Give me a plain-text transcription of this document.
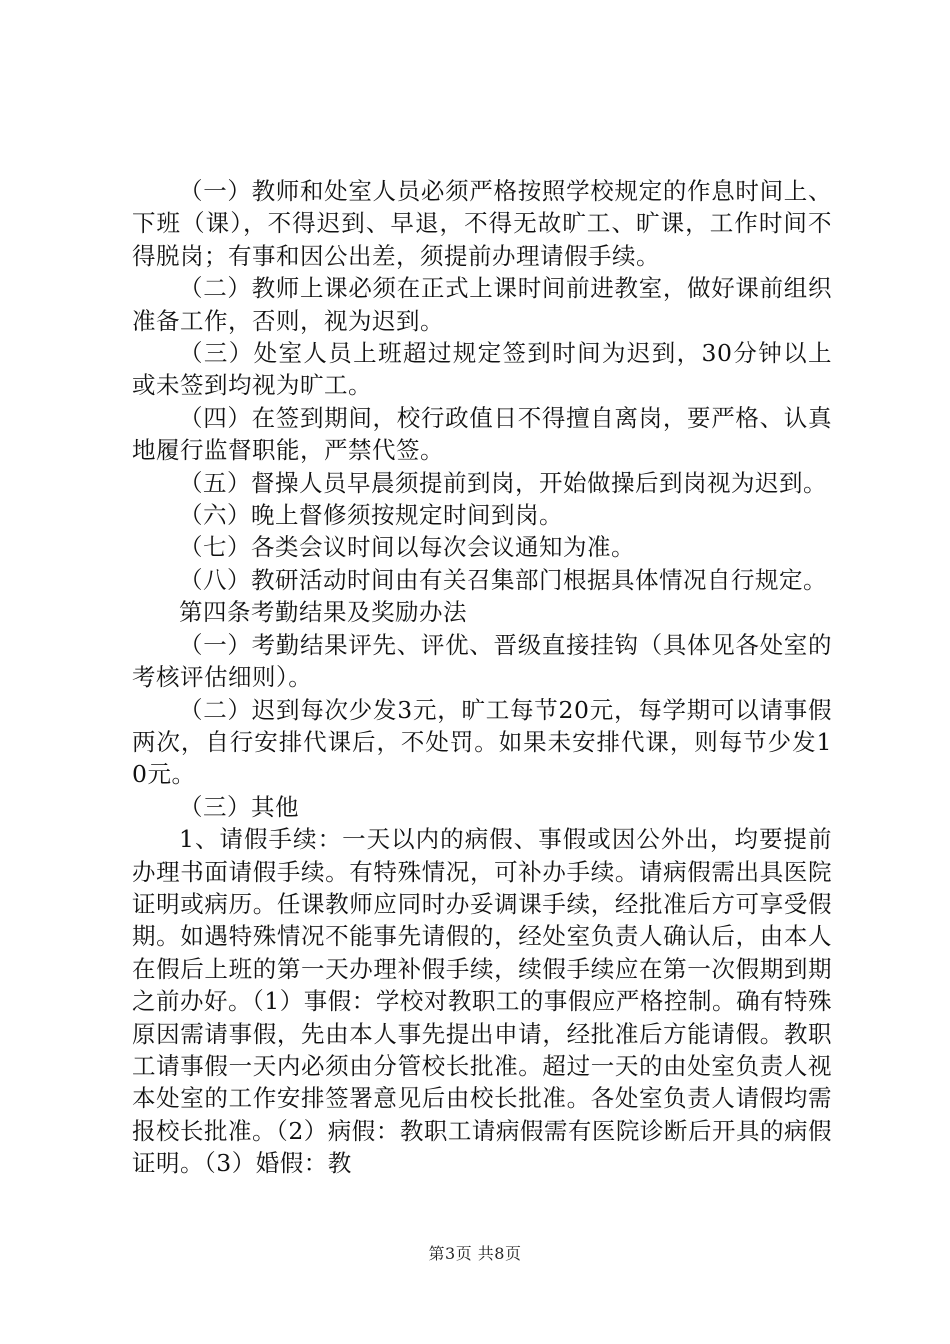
（一）教师和处室人员必须严格按照学校规定的作息时间上、下班（课），不得迟到、早退，不得无故旷工、旷课，工作时间不得脱岗；有事和因公出差，须提前办理请假手续。

（二）教师上课必须在正式上课时间前进教室，做好课前组织准备工作，否则，视为迟到。

（三）处室人员上班超过规定签到时间为迟到，30分钟以上或未签到均视为旷工。

（四）在签到期间，校行政值日不得擅自离岗，要严格、认真地履行监督职能，严禁代签。

（五）督操人员早晨须提前到岗，开始做操后到岗视为迟到。

（六）晚上督修须按规定时间到岗。

（七）各类会议时间以每次会议通知为准。

（八）教研活动时间由有关召集部门根据具体情况自行规定。

第四条考勤结果及奖励办法

（一）考勤结果评先、评优、晋级直接挂钩（具体见各处室的考核评估细则）。

（二）迟到每次少发3元，旷工每节20元，每学期可以请事假两次，自行安排代课后，不处罚。如果未安排代课，则每节少发10元。

（三）其他

1、请假手续：一天以内的病假、事假或因公外出，均要提前办理书面请假手续。有特殊情况，可补办手续。请病假需出具医院证明或病历。任课教师应同时办妥调课手续，经批准后方可享受假期。如遇特殊情况不能事先请假的，经处室负责人确认后，由本人在假后上班的第一天办理补假手续，续假手续应在第一次假期到期之前办好。（1）事假：学校对教职工的事假应严格控制。确有特殊原因需请事假，先由本人事先提出申请，经批准后方能请假。教职工请事假一天内必须由分管校长批准。超过一天的由处室负责人视本处室的工作安排签署意见后由校长批准。各处室负责人请假均需报校长批准。（2）病假：教职工请病假需有医院诊断后开具的病假证明。（3）婚假：教

第3页 共8页
